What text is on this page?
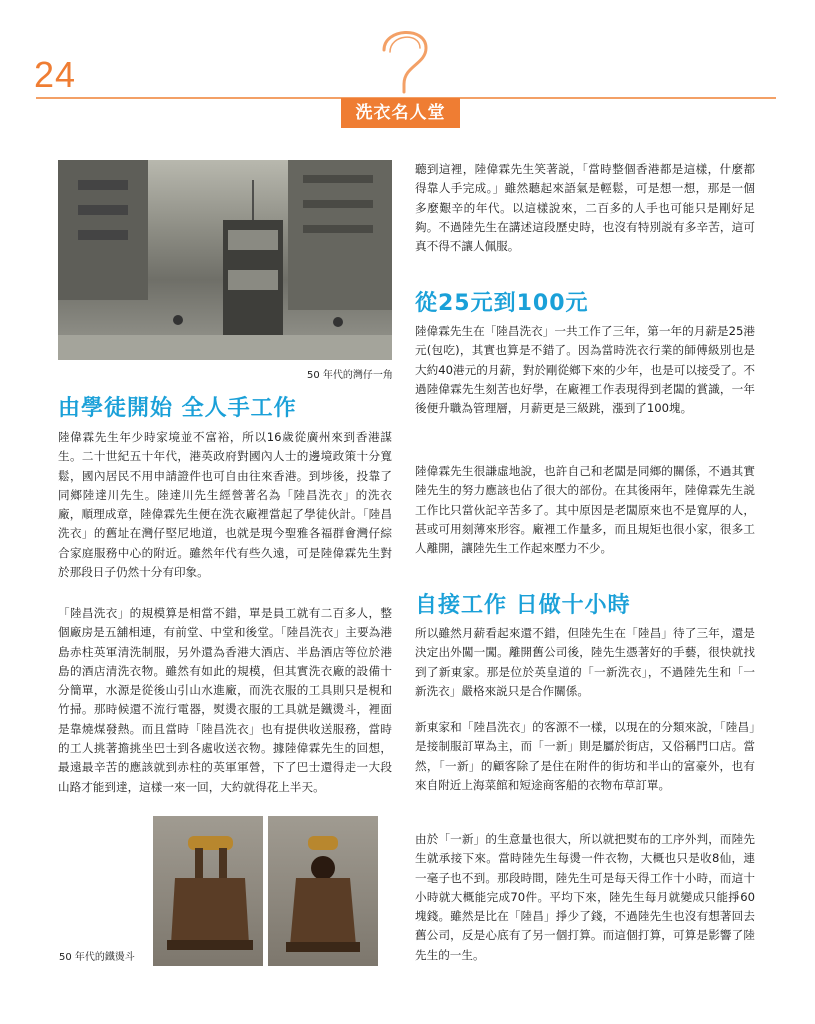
24
洗衣名人堂
50 年代的灣仔一角
由學徒開始 全人手工作

陸偉霖先生年少時家境並不富裕，所以16歲從廣州來到香港謀生。二十世紀五十年代，港英政府對國內人士的邊境政策十分寬鬆，國內居民不用申請證件也可自由往來香港。到埗後，投靠了同鄉陸達川先生。陸達川先生經營著名為「陸昌洗衣」的洗衣廠，順理成章，陸偉霖先生便在洗衣廠裡當起了學徒伙計。「陸昌洗衣」的舊址在灣仔堅尼地道，也就是現今聖雅各福群會灣仔綜合家庭服務中心的附近。雖然年代有些久遠，可是陸偉霖先生對於那段日子仍然十分有印象。

「陸昌洗衣」的規模算是相當不錯，單是員工就有二百多人，整個廠房是五舖相連，有前堂、中堂和後堂。「陸昌洗衣」主要為港島赤柱英軍清洗制服，另外還為香港大酒店、半島酒店等位於港島的酒店清洗衣物。雖然有如此的規模，但其實洗衣廠的設備十分簡單，水源是從後山引山水進廠，而洗衣服的工具則只是梘和竹掃。那時候還不流行電器，熨燙衣服的工具就是鐵燙斗，裡面是靠燒煤發熱。而且當時「陸昌洗衣」也有提供收送服務，當時的工人挑著擔挑坐巴士到各處收送衣物。據陸偉霖先生的回想，最遠最辛苦的應該就到赤柱的英軍軍營，下了巴士還得走一大段山路才能到達，這樣一來一回，大約就得花上半天。

50 年代的鐵燙斗

聽到這裡，陸偉霖先生笑著説，「當時整個香港都是這樣，什麼都得靠人手完成。」雖然聽起來語氣是輕鬆，可是想一想，那是一個多麼艱辛的年代。以這樣說來，二百多的人手也可能只是剛好足夠。不過陸先生在講述這段歷史時，也沒有特別説有多辛苦，這可真不得不讓人佩服。

從25元到100元

陸偉霖先生在「陸昌洗衣」一共工作了三年，第一年的月薪是25港元(包吃)，其實也算是不錯了。因為當時洗衣行業的師傅級別也是大約40港元的月薪，對於剛從鄉下來的少年，也是可以接受了。不過陸偉霖先生刻苦也好學，在廠裡工作表現得到老闆的賞識，一年後便升職為管理層，月薪更是三級跳，漲到了100塊。

陸偉霖先生很謙虛地說，也許自己和老闆是同鄉的關係，不過其實陸先生的努力應該也佔了很大的部份。在其後兩年，陸偉霖先生説工作比只當伙記辛苦多了。其中原因是老闆原來也不是寬厚的人，甚或可用刻薄來形容。廠裡工作量多，而且規矩也很小家，很多工人離開，讓陸先生工作起來壓力不少。

自接工作 日做十小時

所以雖然月薪看起來還不錯，但陸先生在「陸昌」待了三年，還是決定出外闖一闖。離開舊公司後，陸先生憑著好的手藝，很快就找到了新東家。那是位於英皇道的「一新洗衣」，不過陸先生和「一新洗衣」嚴格來説只是合作關係。

新東家和「陸昌洗衣」的客源不一樣，以現在的分類來說，「陸昌」是接制服訂單為主，而「一新」則是屬於街店，又俗稱門口店。當然，「一新」的顧客除了是住在附件的街坊和半山的富豪外，也有來自附近上海菜館和短途商客船的衣物布草訂單。

由於「一新」的生意量也很大，所以就把熨布的工序外判，而陸先生就承接下來。當時陸先生每燙一件衣物，大概也只是收8仙，連一毫子也不到。那段時間，陸先生可是每天得工作十小時，而這十小時就大概能完成70件。平均下來，陸先生每月就變成只能掙60塊錢。雖然是比在「陸昌」掙少了錢，不過陸先生也沒有想著回去舊公司，反是心底有了另一個打算。而這個打算，可算是影響了陸先生的一生。
